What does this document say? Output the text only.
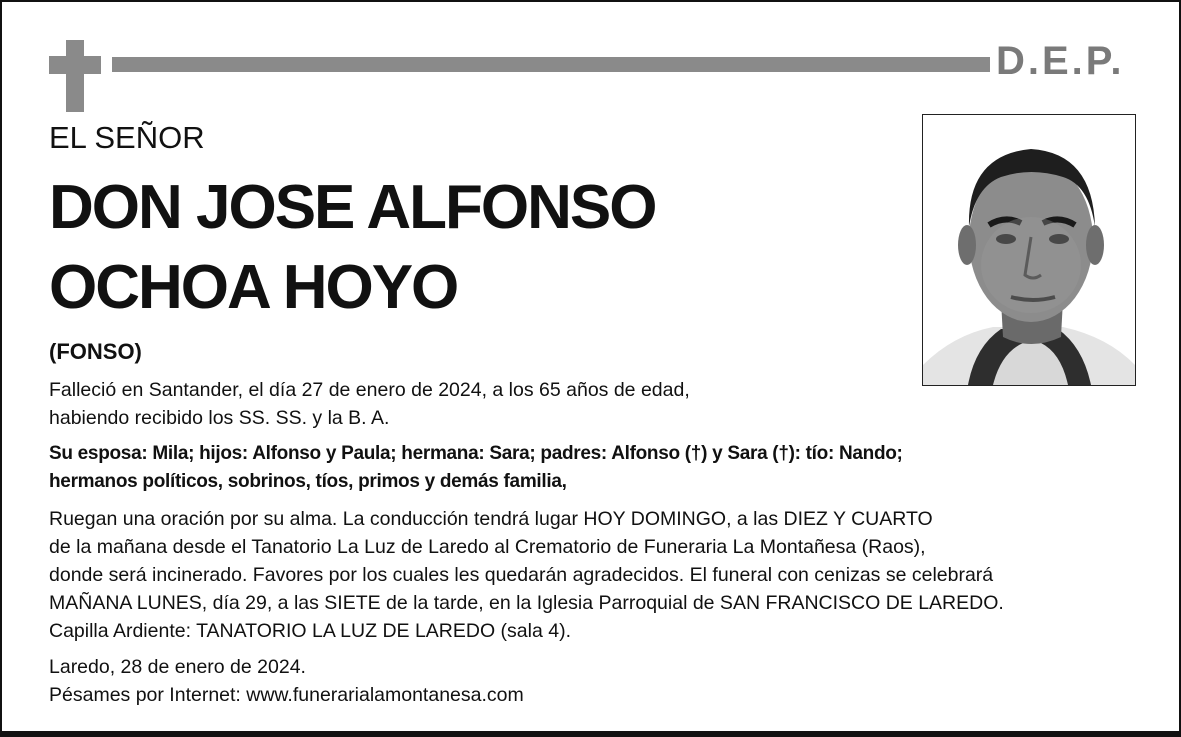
D.E.P.
EL SEÑOR
DON JOSE ALFONSO
OCHOA HOYO
(FONSO)

Falleció en Santander, el día 27 de enero de 2024, a los 65 años de edad,
habiendo recibido los SS. SS. y la B. A.

Su esposa: Mila; hijos: Alfonso y Paula; hermana: Sara; padres: Alfonso (†) y Sara (†): tío: Nando;
hermanos políticos, sobrinos, tíos, primos y demás familia,

Ruegan una oración por su alma. La conducción tendrá lugar HOY DOMINGO, a las DIEZ Y CUARTO
de la mañana desde el Tanatorio La Luz de Laredo al Crematorio de Funeraria La Montañesa (Raos),
donde será incinerado. Favores por los cuales les quedarán agradecidos. El funeral con cenizas se celebrará
MAÑANA LUNES, día 29, a las SIETE de la tarde, en la Iglesia Parroquial de SAN FRANCISCO DE LAREDO.
Capilla Ardiente: TANATORIO LA LUZ DE LAREDO (sala 4).

Laredo, 28 de enero de 2024.
Pésames por Internet: www.funerarialamontanesa.com
